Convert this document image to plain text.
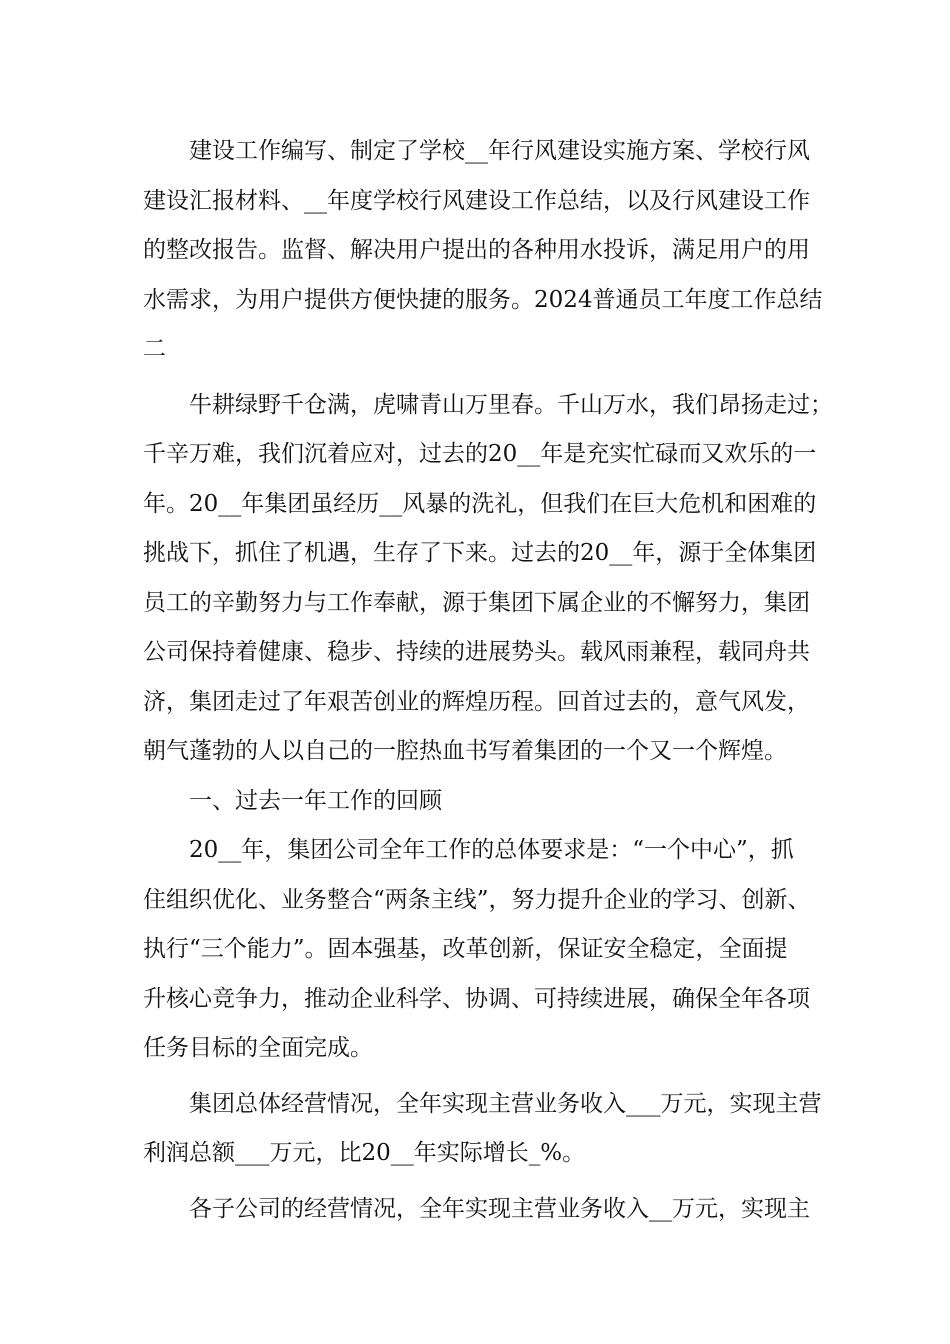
建设工作编写、制定了学校__年行风建设实施方案、学校行风
建设汇报材料、__年度学校行风建设工作总结，以及行风建设工作
的整改报告。监督、解决用户提出的各种用水投诉，满足用户的用
水需求，为用户提供方便快捷的服务。2024普通员工年度工作总结
二
牛耕绿野千仓满，虎啸青山万里春。千山万水，我们昂扬走过；
千辛万难，我们沉着应对，过去的20__年是充实忙碌而又欢乐的一
年。20__年集团虽经历__风暴的洗礼，但我们在巨大危机和困难的
挑战下，抓住了机遇，生存了下来。过去的20__年，源于全体集团
员工的辛勤努力与工作奉献，源于集团下属企业的不懈努力，集团
公司保持着健康、稳步、持续的进展势头。载风雨兼程，载同舟共
济，集团走过了年艰苦创业的辉煌历程。回首过去的，意气风发，
朝气蓬勃的人以自己的一腔热血书写着集团的一个又一个辉煌。
一、过去一年工作的回顾
20__年，集团公司全年工作的总体要求是：“一个中心”，抓
住组织优化、业务整合“两条主线”，努力提升企业的学习、创新、
执行“三个能力”。固本强基，改革创新，保证安全稳定，全面提
升核心竞争力，推动企业科学、协调、可持续进展，确保全年各项
任务目标的全面完成。
集团总体经营情况，全年实现主营业务收入___万元，实现主营
利润总额___万元，比20__年实际增长_%。
各子公司的经营情况，全年实现主营业务收入__万元，实现主
